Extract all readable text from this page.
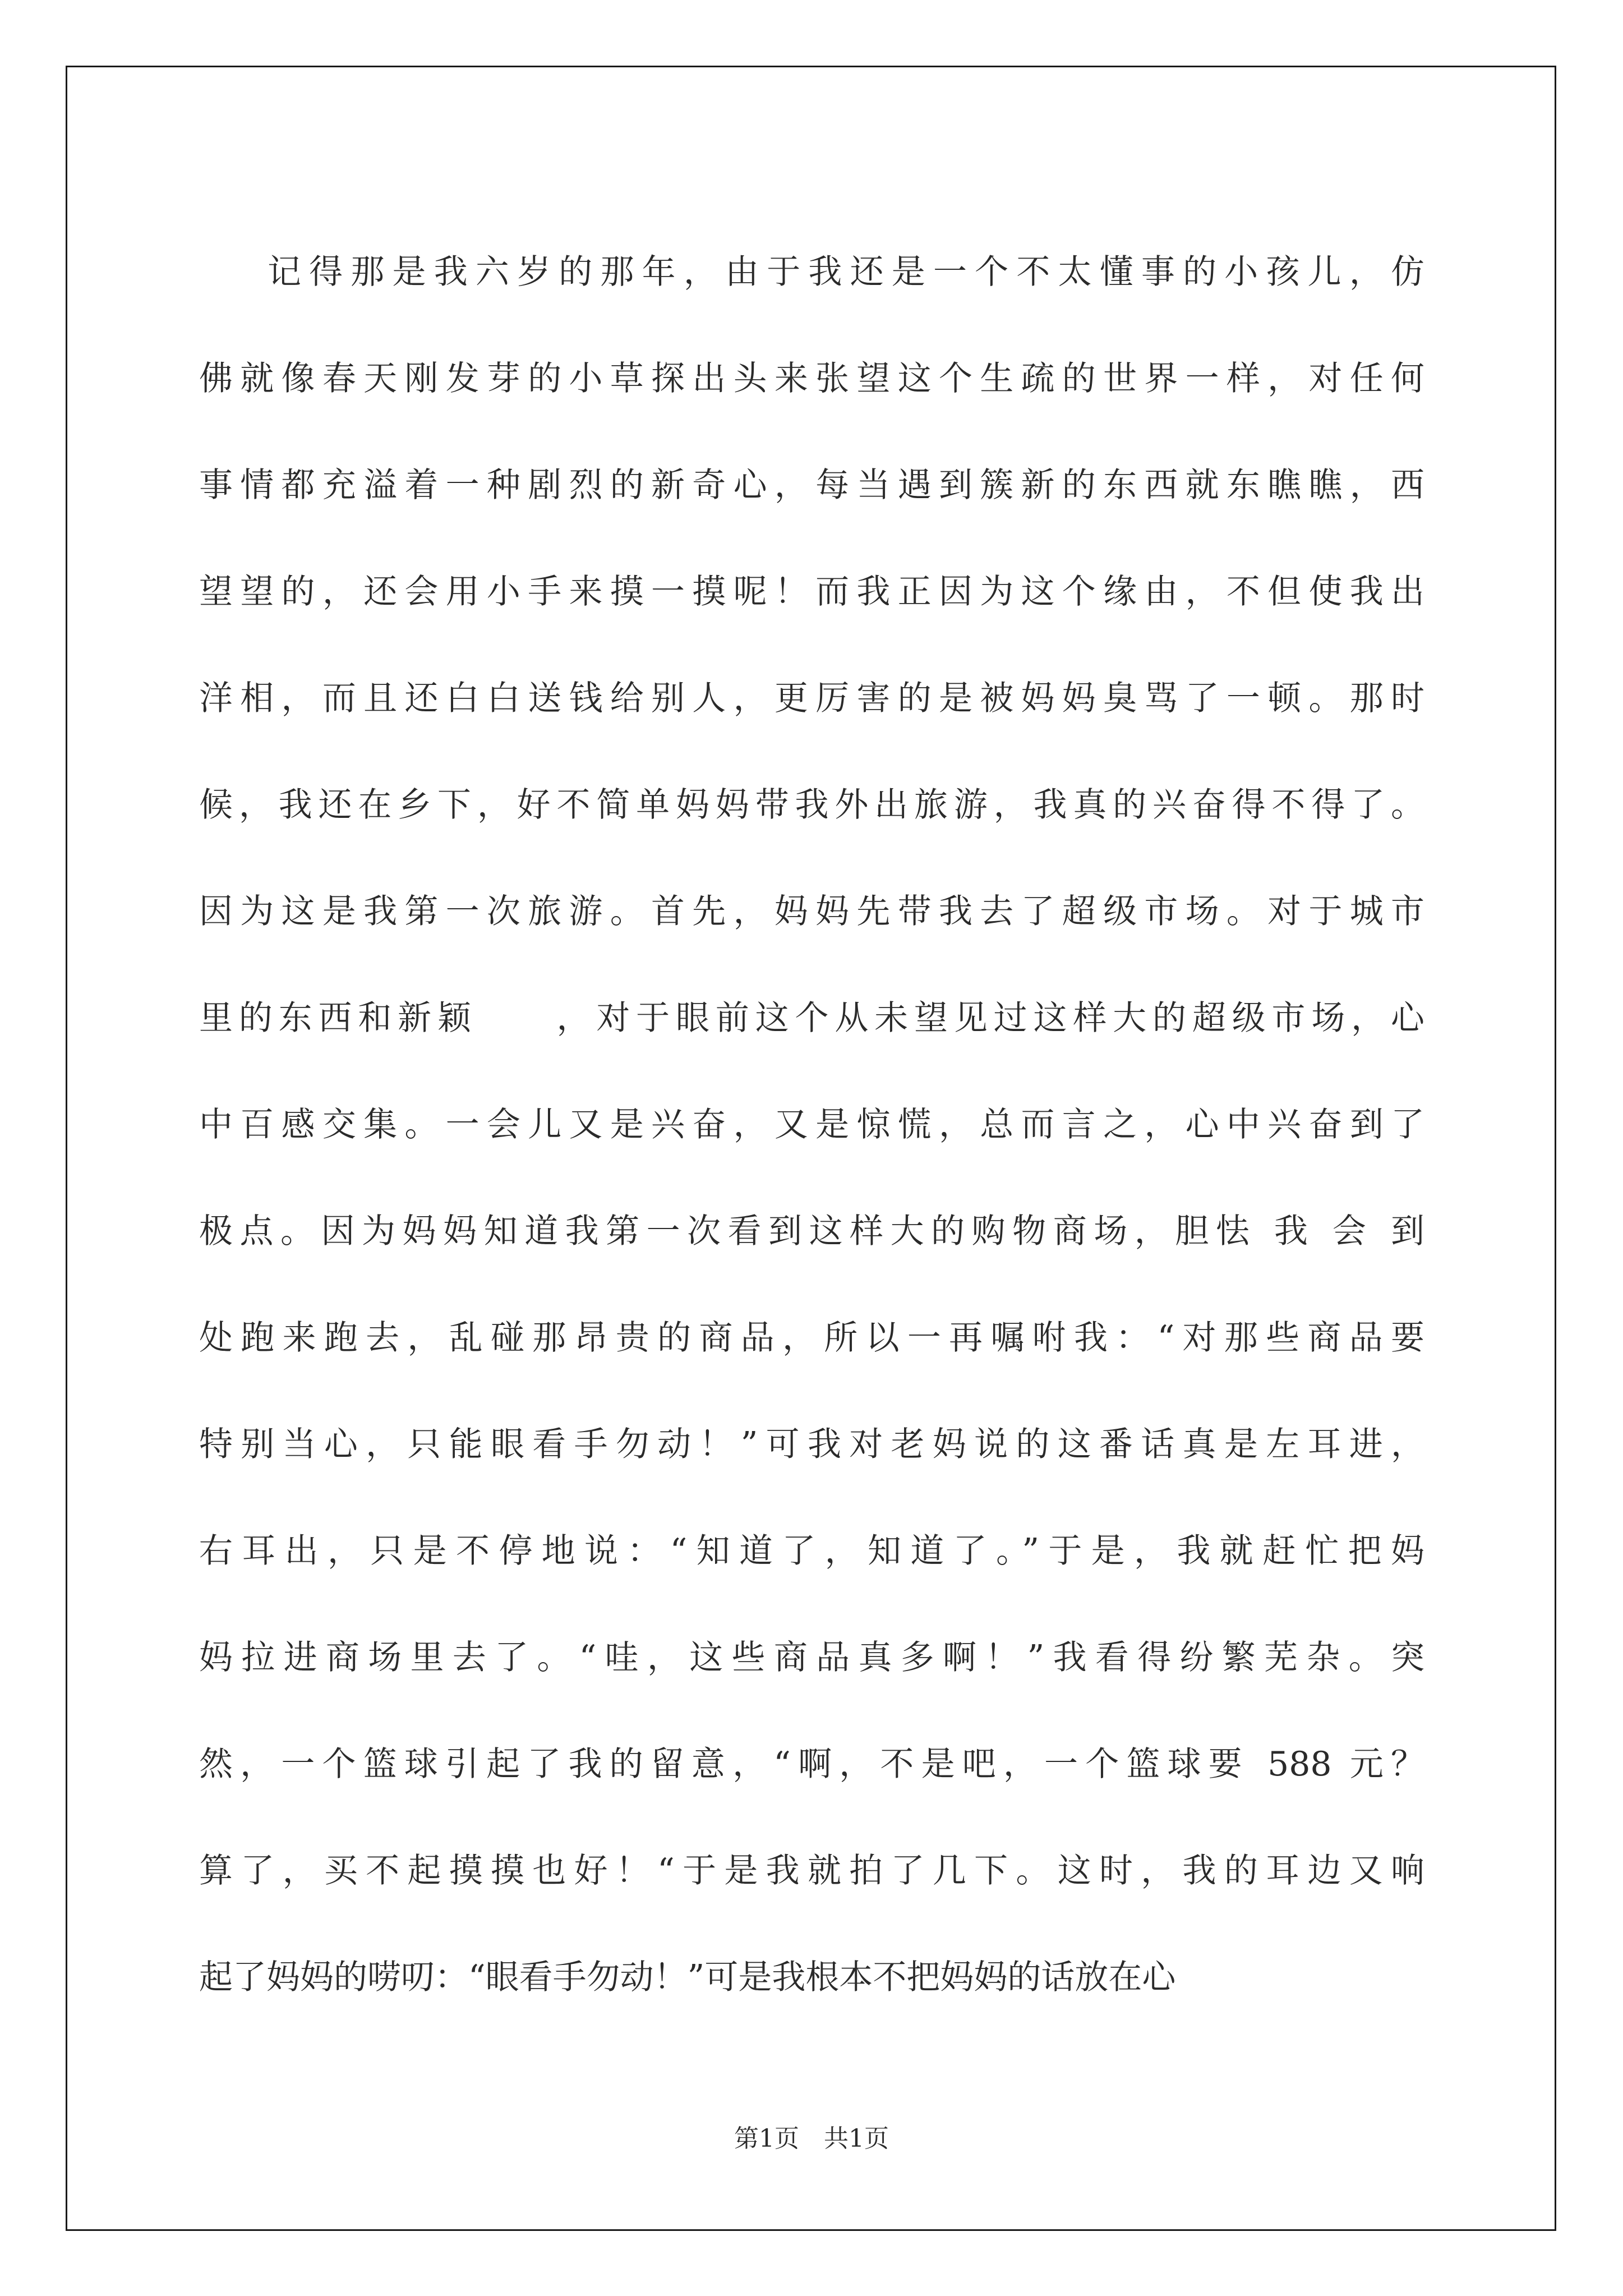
记得那是我六岁的那年，由于我还是一个不太懂事的小孩儿，仿
佛就像春天刚发芽的小草探出头来张望这个生疏的世界一样，对任何
事情都充溢着一种剧烈的新奇心，每当遇到簇新的东西就东瞧瞧，西
望望的，还会用小手来摸一摸呢！而我正因为这个缘由，不但使我出
洋相，而且还白白送钱给别人，更厉害的是被妈妈臭骂了一顿。那时
候，我还在乡下，好不简单妈妈带我外出旅游，我真的兴奋得不得了。
因为这是我第一次旅游。首先，妈妈先带我去了超级市场。对于城市
里的东西和新颖　　，对于眼前这个从未望见过这样大的超级市场，心
中百感交集。一会儿又是兴奋，又是惊慌，总而言之，心中兴奋到了
极点。因为妈妈知道我第一次看到这样大的购物商场，胆怯 我 会 到
处跑来跑去，乱碰那昂贵的商品，所以一再嘱咐我：“对那些商品要
特别当心，只能眼看手勿动！”可我对老妈说的这番话真是左耳进，
右耳出，只是不停地说：“知道了，知道了。”于是，我就赶忙把妈
妈拉进商场里去了。“哇，这些商品真多啊！”我看得纷繁芜杂。突
然，一个篮球引起了我的留意，“啊，不是吧，一个篮球要 588 元？
算了，买不起摸摸也好！“于是我就拍了几下。这时，我的耳边又响
起了妈妈的唠叨：“眼看手勿动！”可是我根本不把妈妈的话放在心
第1页　共1页
